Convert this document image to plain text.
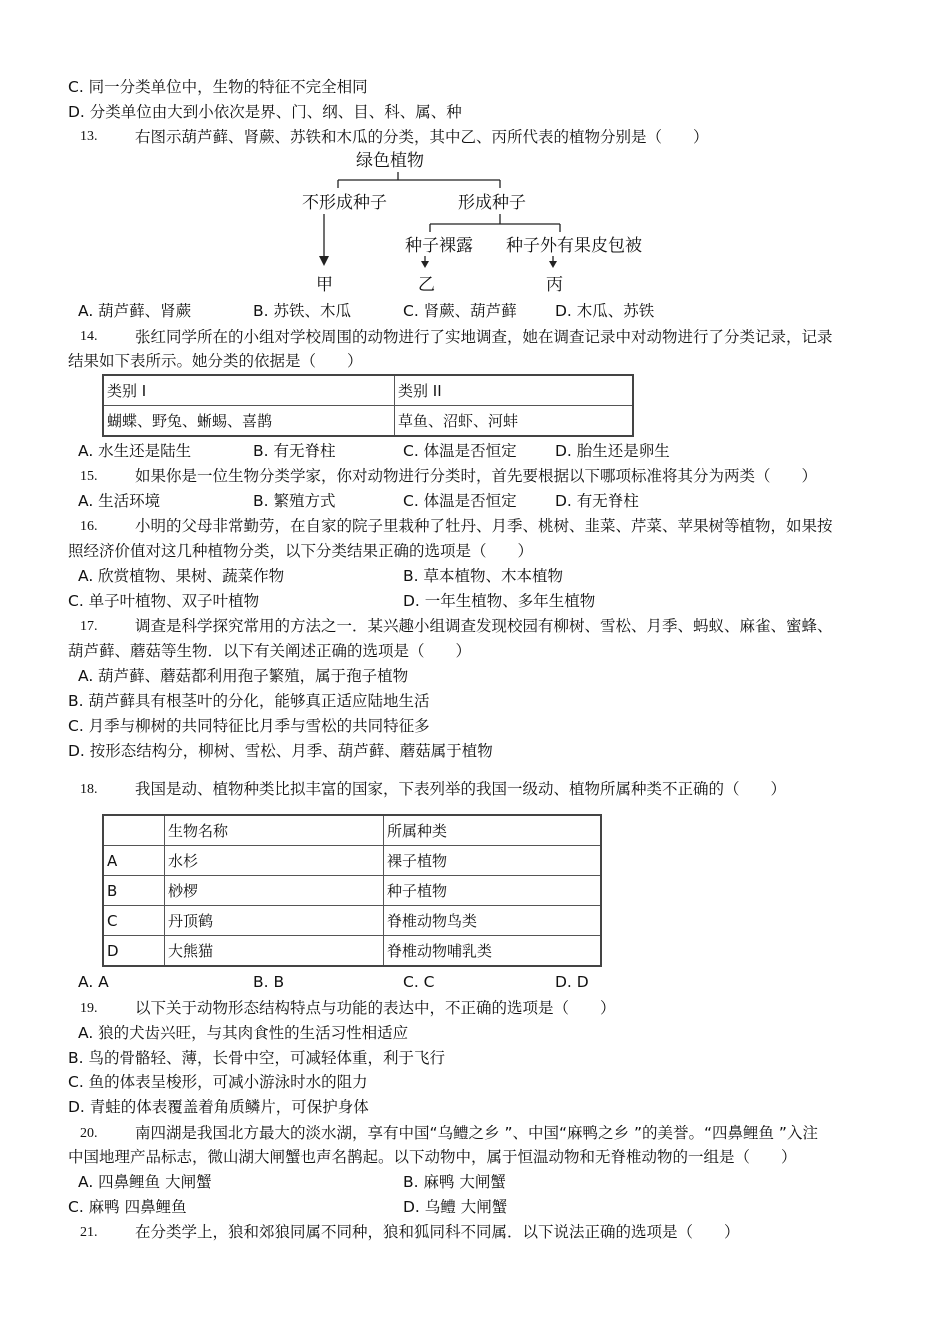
C. 同一分类单位中，生物的特征不完全相同
D. 分类单位由大到小依次是界、门、纲、目、科、属、种
13. 右图示葫芦藓、肾蕨、苏铁和木瓜的分类，其中乙、丙所代表的植物分别是（　　）
绿色植物
不形成种子	形成种子
种子裸露 种子外有果皮包被
甲	乙	丙
A. 葫芦藓、肾蕨	B. 苏铁、木瓜	C. 肾蕨、葫芦藓 D. 木瓜、苏铁
14. 张红同学所在的小组对学校周围的动物进行了实地调查，她在调查记录中对动物进行了分类记录，记录
结果如下表所示。她分类的依据是（　　）
类别 I	类别 II
蝴蝶、野兔、蜥蜴、喜鹊	草鱼、沼虾、河蚌
A. 水生还是陆生	B. 有无脊柱	C. 体温是否恒定 D. 胎生还是卵生
15. 如果你是一位生物分类学家，你对动物进行分类时，首先要根据以下哪项标准将其分为两类（　　）
A. 生活环境	B. 繁殖方式	C. 体温是否恒定 D. 有无脊柱
16. 小明的父母非常勤劳，在自家的院子里栽种了牡丹、月季、桃树、韭菜、芹菜、苹果树等植物，如果按
照经济价值对这几种植物分类，以下分类结果正确的选项是（　　）
A. 欣赏植物、果树、蔬菜作物	B. 草本植物、木本植物
C. 单子叶植物、双子叶植物	D. 一年生植物、多年生植物
17. 调查是科学探究常用的方法之一．某兴趣小组调查发现校园有柳树、雪松、月季、蚂蚁、麻雀、蜜蜂、
葫芦藓、蘑菇等生物．以下有关阐述正确的选项是（　　）
A. 葫芦藓、蘑菇都利用孢子繁殖，属于孢子植物
B. 葫芦藓具有根茎叶的分化，能够真正适应陆地生活
C. 月季与柳树的共同特征比月季与雪松的共同特征多
D. 按形态结构分，柳树、雪松、月季、葫芦藓、蘑菇属于植物
18. 我国是动、植物种类比拟丰富的国家，下表列举的我国一级动、植物所属种类不正确的（　　）
	生物名称	所属种类
A	水杉	裸子植物
B	桫椤	种子植物
C	丹顶鹤	脊椎动物鸟类
D	大熊猫	脊椎动物哺乳类
A. A	B. B	C. C	D. D
19. 以下关于动物形态结构特点与功能的表达中，不正确的选项是（　　）
A. 狼的犬齿兴旺，与其肉食性的生活习性相适应
B. 鸟的骨骼轻、薄，长骨中空，可减轻体重，利于飞行
C. 鱼的体表呈梭形，可减小游泳时水的阻力
D. 青蛙的体表覆盖着角质鳞片，可保护身体
20. 南四湖是我国北方最大的淡水湖，享有中国“乌鳢之乡 ”、中国“麻鸭之乡 ”的美誉。“四鼻鲤鱼 ”入注
中国地理产品标志，微山湖大闸蟹也声名鹊起。以下动物中，属于恒温动物和无脊椎动物的一组是（　　）
A. 四鼻鲤鱼 大闸蟹	B. 麻鸭 大闸蟹
C. 麻鸭 四鼻鲤鱼	D. 乌鳢 大闸蟹
21. 在分类学上，狼和郊狼同属不同种，狼和狐同科不同属．以下说法正确的选项是（　　）
